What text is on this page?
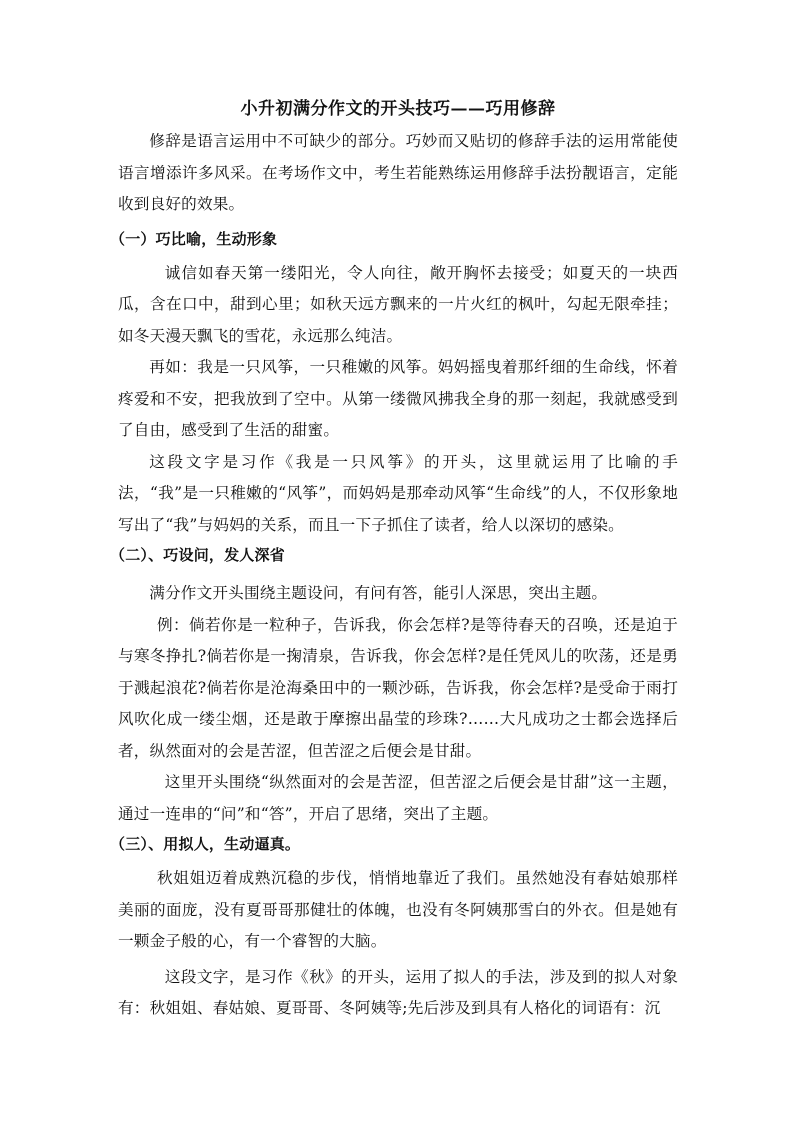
小升初满分作文的开头技巧——巧用修辞

修辞是语言运用中不可缺少的部分。巧妙而又贴切的修辞手法的运用常能使语言增添许多风采。在考场作文中，考生若能熟练运用修辞手法扮靓语言，定能收到良好的效果。

（一）巧比喻，生动形象

诚信如春天第一缕阳光，令人向往，敞开胸怀去接受；如夏天的一块西瓜，含在口中，甜到心里；如秋天远方飘来的一片火红的枫叶，勾起无限牵挂；如冬天漫天飘飞的雪花，永远那么纯洁。

再如：我是一只风筝，一只稚嫩的风筝。妈妈摇曳着那纤细的生命线，怀着疼爱和不安，把我放到了空中。从第一缕微风拂我全身的那一刻起，我就感受到了自由，感受到了生活的甜蜜。

这段文字是习作《我是一只风筝》的开头，这里就运用了比喻的手法，“我”是一只稚嫩的“风筝”，而妈妈是那牵动风筝“生命线”的人，不仅形象地写出了“我”与妈妈的关系，而且一下子抓住了读者，给人以深切的感染。

（二）、巧设问，发人深省

满分作文开头围绕主题设问，有问有答，能引人深思，突出主题。

例：倘若你是一粒种子，告诉我，你会怎样?是等待春天的召唤，还是迫于与寒冬挣扎?倘若你是一掬清泉，告诉我，你会怎样?是任凭风儿的吹荡，还是勇于溅起浪花?倘若你是沧海桑田中的一颗沙砾，告诉我，你会怎样?是受命于雨打风吹化成一缕尘烟，还是敢于摩擦出晶莹的珍珠?……大凡成功之士都会选择后者，纵然面对的会是苦涩，但苦涩之后便会是甘甜。

这里开头围绕“纵然面对的会是苦涩，但苦涩之后便会是甘甜”这一主题，通过一连串的“问”和“答”，开启了思绪，突出了主题。

（三）、用拟人，生动逼真。

秋姐姐迈着成熟沉稳的步伐，悄悄地靠近了我们。虽然她没有春姑娘那样美丽的面庞，没有夏哥哥那健壮的体魄，也没有冬阿姨那雪白的外衣。但是她有一颗金子般的心，有一个睿智的大脑。

这段文字，是习作《秋》的开头，运用了拟人的手法，涉及到的拟人对象有：秋姐姐、春姑娘、夏哥哥、冬阿姨等;先后涉及到具有人格化的词语有：沉
